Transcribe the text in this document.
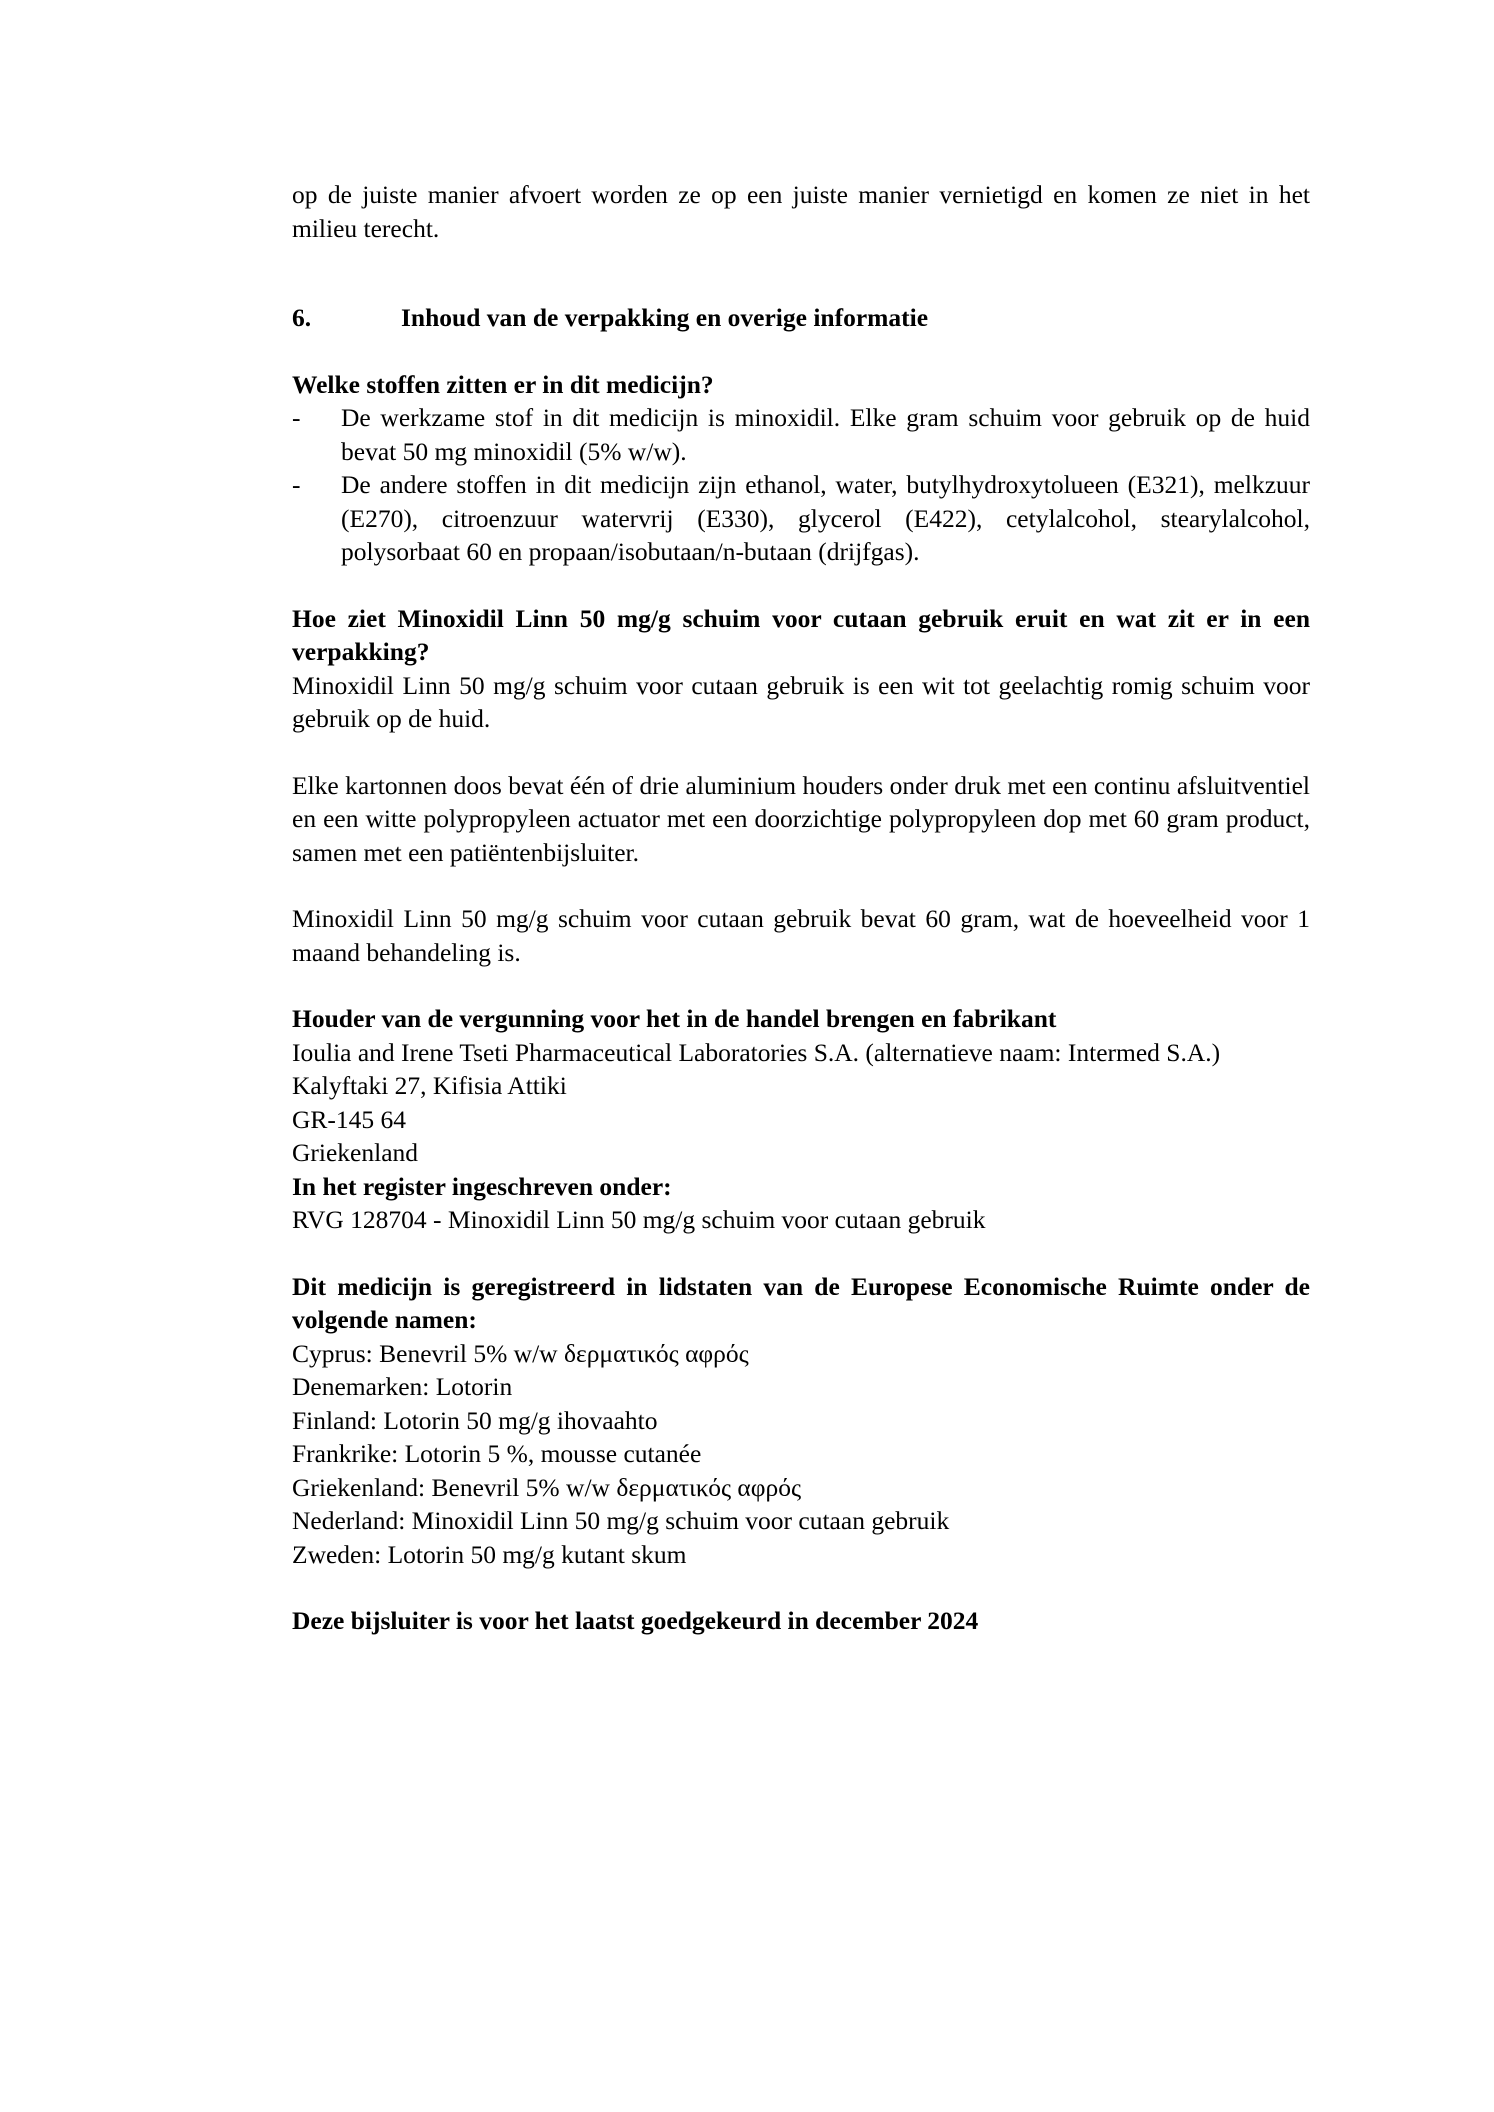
op de juiste manier afvoert worden ze op een juiste manier vernietigd en komen ze niet in het milieu terecht.

6.	Inhoud van de verpakking en overige informatie

Welke stoffen zitten er in dit medicijn?

-	De werkzame stof in dit medicijn is minoxidil. Elke gram schuim voor gebruik op de huid bevat 50 mg minoxidil (5% w/w).
-	De andere stoffen in dit medicijn zijn ethanol, water, butylhydroxytolueen (E321), melkzuur (E270), citroenzuur watervrij (E330), glycerol (E422), cetylalcohol, stearylalcohol, polysorbaat 60 en propaan/isobutaan/n-butaan (drijfgas).

Hoe ziet Minoxidil Linn 50 mg/g schuim voor cutaan gebruik eruit en wat zit er in een verpakking?

Minoxidil Linn 50 mg/g schuim voor cutaan gebruik is een wit tot geelachtig romig schuim voor gebruik op de huid.

Elke kartonnen doos bevat één of drie aluminium houders onder druk met een continu afsluitventiel en een witte polypropyleen actuator met een doorzichtige polypropyleen dop met 60 gram product, samen met een patiëntenbijsluiter.

Minoxidil Linn 50 mg/g schuim voor cutaan gebruik bevat 60 gram, wat de hoeveelheid voor 1 maand behandeling is.

Houder van de vergunning voor het in de handel brengen en fabrikant

Ioulia and Irene Tseti Pharmaceutical Laboratories S.A. (alternatieve naam: Intermed S.A.)

Kalyftaki 27, Kifisia Attiki

GR-145 64

Griekenland

In het register ingeschreven onder:

RVG 128704 - Minoxidil Linn 50 mg/g schuim voor cutaan gebruik

Dit medicijn is geregistreerd in lidstaten van de Europese Economische Ruimte onder de volgende namen:

Cyprus: Benevril 5% w/w δερματικός αφρός

Denemarken: Lotorin

Finland: Lotorin 50 mg/g ihovaahto

Frankrike: Lotorin 5 %, mousse cutanée

Griekenland: Benevril 5% w/w δερματικός αφρός

Nederland: Minoxidil Linn 50 mg/g schuim voor cutaan gebruik

Zweden: Lotorin 50 mg/g kutant skum

Deze bijsluiter is voor het laatst goedgekeurd in december 2024
